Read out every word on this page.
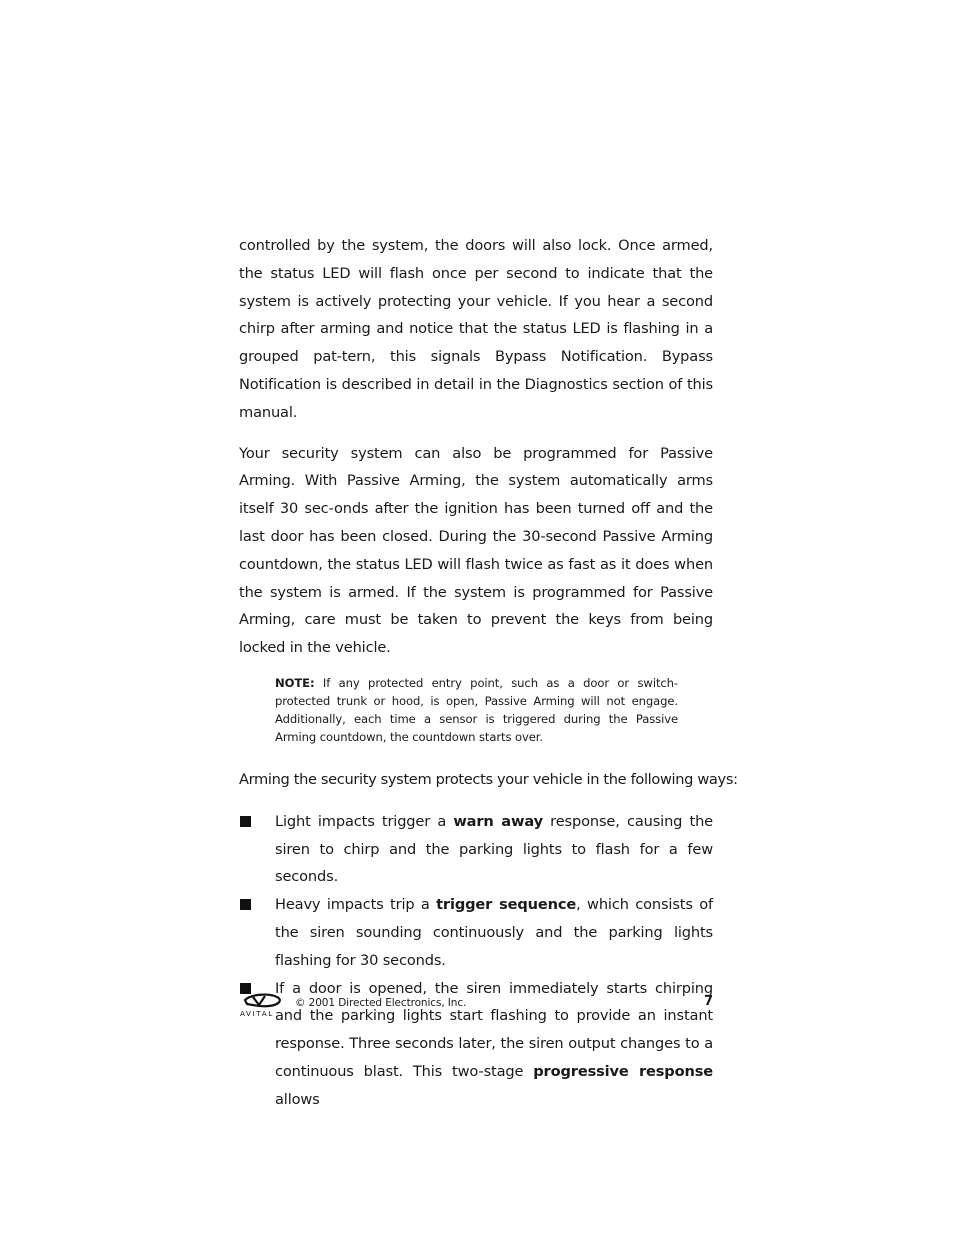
controlled by the system, the doors will also lock. Once armed, the status LED will flash once per second to indicate that the system is actively protecting your vehicle. If you hear a second chirp after arming and notice that the status LED is flashing in a grouped pat-tern, this signals Bypass Notification. Bypass Notification is described in detail in the Diagnostics section of this manual.

Your security system can also be programmed for Passive Arming. With Passive Arming, the system automatically arms itself 30 sec-onds after the ignition has been turned off and the last door has been closed. During the 30-second Passive Arming countdown, the status LED will flash twice as fast as it does when the system is armed. If the system is programmed for Passive Arming, care must be taken to prevent the keys from being locked in the vehicle.

NOTE: If any protected entry point, such as a door or switch-protected trunk or hood, is open, Passive Arming will not engage. Additionally, each time a sensor is triggered during the Passive Arming countdown, the countdown starts over.

Arming the security system protects your vehicle in the following ways:
Light impacts trigger a warn away response, causing the siren to chirp and the parking lights to flash for a few seconds.
Heavy impacts trip a trigger sequence, which consists of the siren sounding continuously and the parking lights flashing for 30 seconds.
If a door is opened, the siren immediately starts chirping and the parking lights start flashing to provide an instant response. Three seconds later, the siren output changes to a continuous blast. This two-stage progressive response allows
AVITAL
© 2001 Directed Electronics, Inc.	7
